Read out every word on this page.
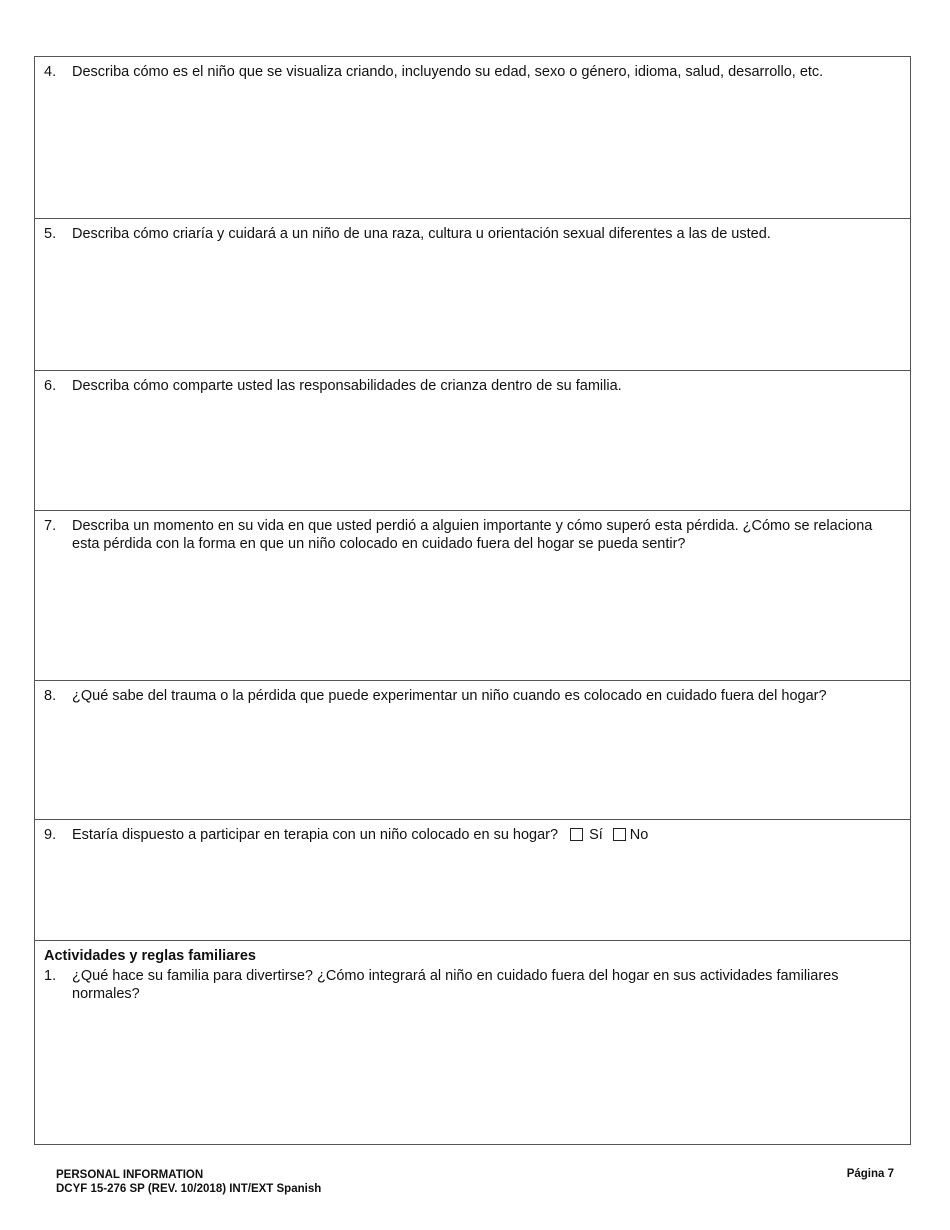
4.	Describa cómo es el niño que se visualiza criando, incluyendo su edad, sexo o género, idioma, salud, desarrollo, etc.
5.	Describa cómo criaría y cuidará a un niño de una raza, cultura u orientación sexual diferentes a las de usted.
6.	Describa cómo comparte usted las responsabilidades de crianza dentro de su familia.
7.	Describa un momento en su vida en que usted perdió a alguien importante y cómo superó esta pérdida. ¿Cómo se relaciona esta pérdida con la forma en que un niño colocado en cuidado fuera del hogar se pueda sentir?
8.	¿Qué sabe del trauma o la pérdida que puede experimentar un niño cuando es colocado en cuidado fuera del hogar?
9.	Estaría dispuesto a participar en terapia con un niño colocado en su hogar? Sí No
Actividades y reglas familiares
1.	¿Qué hace su familia para divertirse? ¿Cómo integrará al niño en cuidado fuera del hogar en sus actividades familiares normales?
PERSONAL INFORMATION
DCYF 15-276 SP (REV. 10/2018) INT/EXT Spanish
Página 7
